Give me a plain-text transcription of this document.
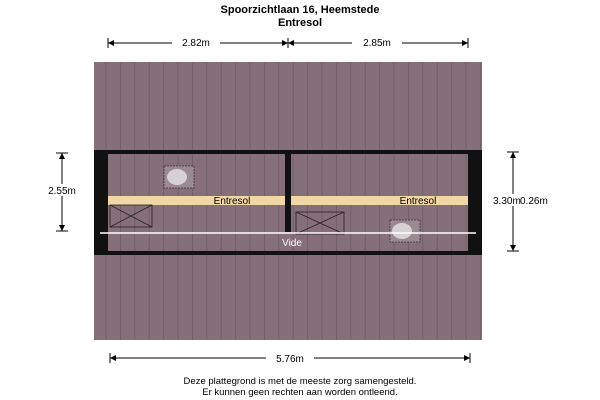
Spoorzichtlaan 16, Heemstede
Entresol
2.82m	2.85m
2.55m
3.30m 0.26m
5.76m
Entresol	Entresol
Vide
Deze plattegrond is met de meeste zorg samengesteld.
Er kunnen geen rechten aan worden ontleend.
